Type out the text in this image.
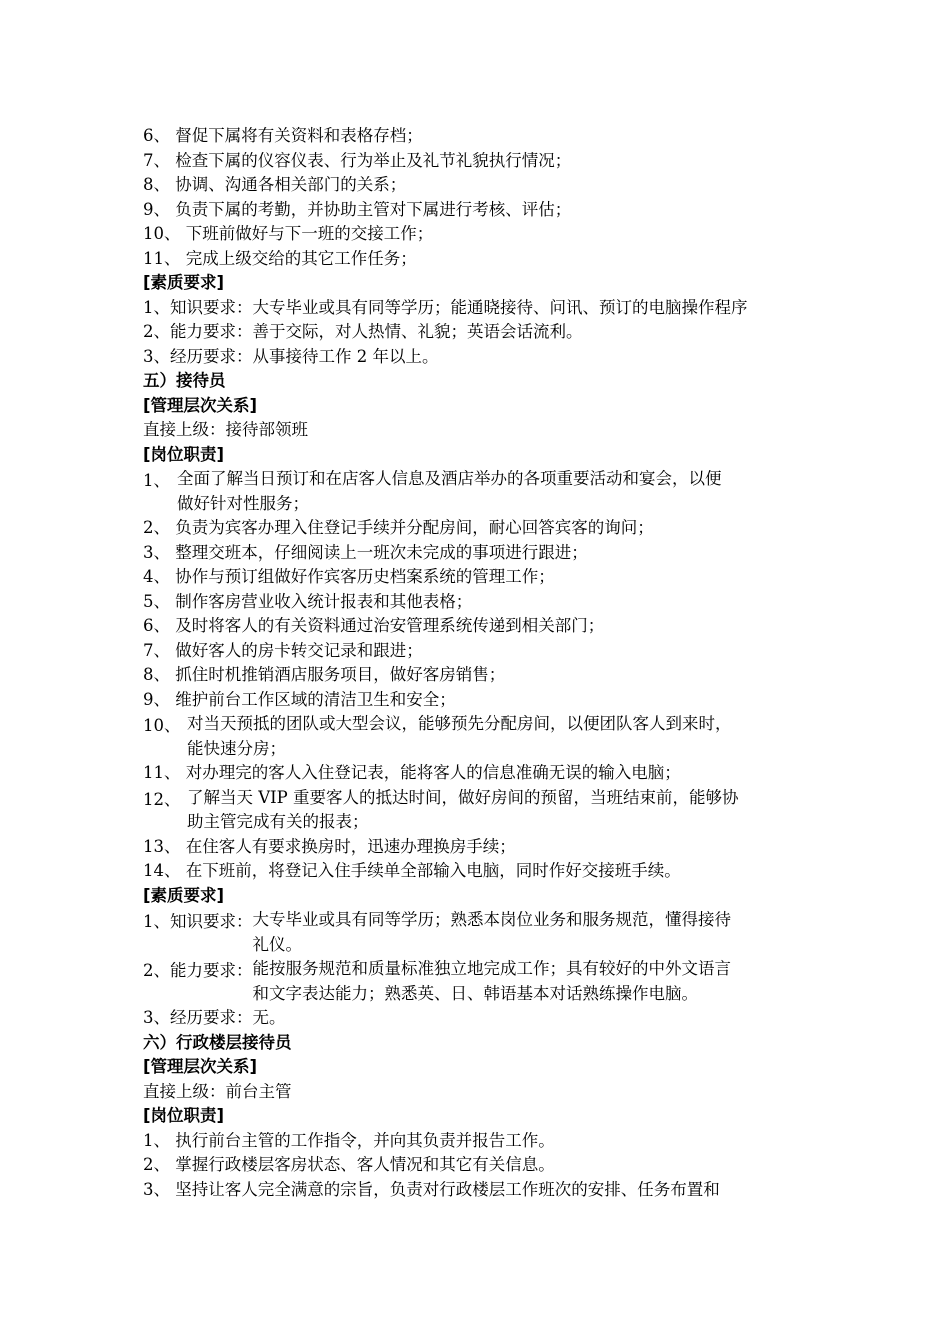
6、 督促下属将有关资料和表格存档；
7、 检查下属的仪容仪表、行为举止及礼节礼貌执行情况；
8、 协调、沟通各相关部门的关系；
9、 负责下属的考勤，并协助主管对下属进行考核、评估；
10、 下班前做好与下一班的交接工作；
11、 完成上级交给的其它工作任务；
[素质要求]
1、知识要求：大专毕业或具有同等学历；能通晓接待、问讯、预订的电脑操作程序
2、能力要求：善于交际，对人热情、礼貌；英语会话流利。
3、经历要求：从事接待工作 2 年以上。
五）接待员
[管理层次关系]
直接上级：接待部领班
[岗位职责]
1、 全面了解当日预订和在店客人信息及酒店举办的各项重要活动和宴会，以便
做好针对性服务；
2、 负责为宾客办理入住登记手续并分配房间，耐心回答宾客的询问；
3、 整理交班本，仔细阅读上一班次未完成的事项进行跟进；
4、 协作与预订组做好作宾客历史档案系统的管理工作；
5、 制作客房营业收入统计报表和其他表格；
6、 及时将客人的有关资料通过治安管理系统传递到相关部门；
7、 做好客人的房卡转交记录和跟进；
8、 抓住时机推销酒店服务项目，做好客房销售；
9、 维护前台工作区域的清洁卫生和安全；
10、 对当天预抵的团队或大型会议，能够预先分配房间，以便团队客人到来时，
能快速分房；
11、 对办理完的客人入住登记表，能将客人的信息准确无误的输入电脑；
12、 了解当天 VIP 重要客人的抵达时间，做好房间的预留，当班结束前，能够协
助主管完成有关的报表；
13、 在住客人有要求换房时，迅速办理换房手续；
14、 在下班前，将登记入住手续单全部输入电脑，同时作好交接班手续。
[素质要求]
1、知识要求： 大专毕业或具有同等学历；熟悉本岗位业务和服务规范，懂得接待
礼仪。
2、能力要求： 能按服务规范和质量标准独立地完成工作；具有较好的中外文语言
和文字表达能力；熟悉英、日、韩语基本对话熟练操作电脑。
3、经历要求：无。
六）行政楼层接待员
[管理层次关系]
直接上级：前台主管
[岗位职责]
1、 执行前台主管的工作指令，并向其负责并报告工作。
2、 掌握行政楼层客房状态、客人情况和其它有关信息。
3、 坚持让客人完全满意的宗旨，负责对行政楼层工作班次的安排、任务布置和
